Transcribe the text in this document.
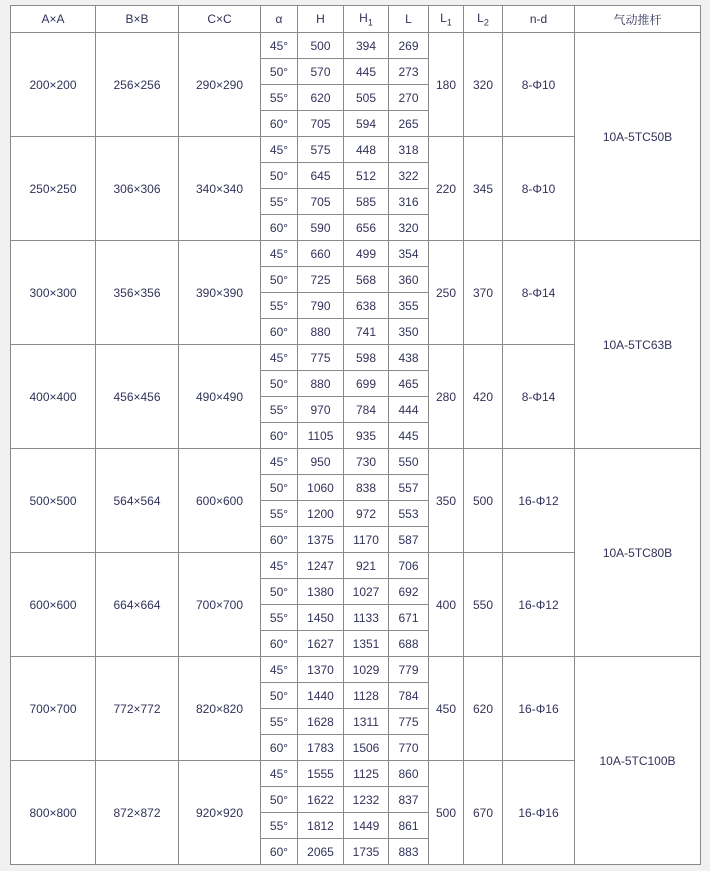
A×A	B×B	C×C	α	H	$H_1$	L	$L_1$	$L_2$	n-d	气动推杆
200×200	256×256	290×290	45°	500	394	269	180	320	8-Φ10	10A-5TC50B
			50°	570	445	273				
			55°	620	505	270				
			60°	705	594	265				
250×250	306×306	340×340	45°	575	448	318	220	345	8-Φ10	
			50°	645	512	322				
			55°	705	585	316				
			60°	590	656	320				
300×300	356×356	390×390	45°	660	499	354	250	370	8-Φ14	10A-5TC63B
			50°	725	568	360				
			55°	790	638	355				
			60°	880	741	350				
400×400	456×456	490×490	45°	775	598	438	280	420	8-Φ14	
			50°	880	699	465				
			55°	970	784	444				
			60°	1105	935	445				
500×500	564×564	600×600	45°	950	730	550	350	500	16-Φ12	10A-5TC80B
			50°	1060	838	557				
			55°	1200	972	553				
			60°	1375	1170	587				
600×600	664×664	700×700	45°	1247	921	706	400	550	16-Φ12	
			50°	1380	1027	692				
			55°	1450	1133	671				
			60°	1627	1351	688				
700×700	772×772	820×820	45°	1370	1029	779	450	620	16-Φ16	10A-5TC100B
			50°	1440	1128	784				
			55°	1628	1311	775				
			60°	1783	1506	770				
800×800	872×872	920×920	45°	1555	1125	860	500	670	16-Φ16	
			50°	1622	1232	837				
			55°	1812	1449	861				
			60°	2065	1735	883				
